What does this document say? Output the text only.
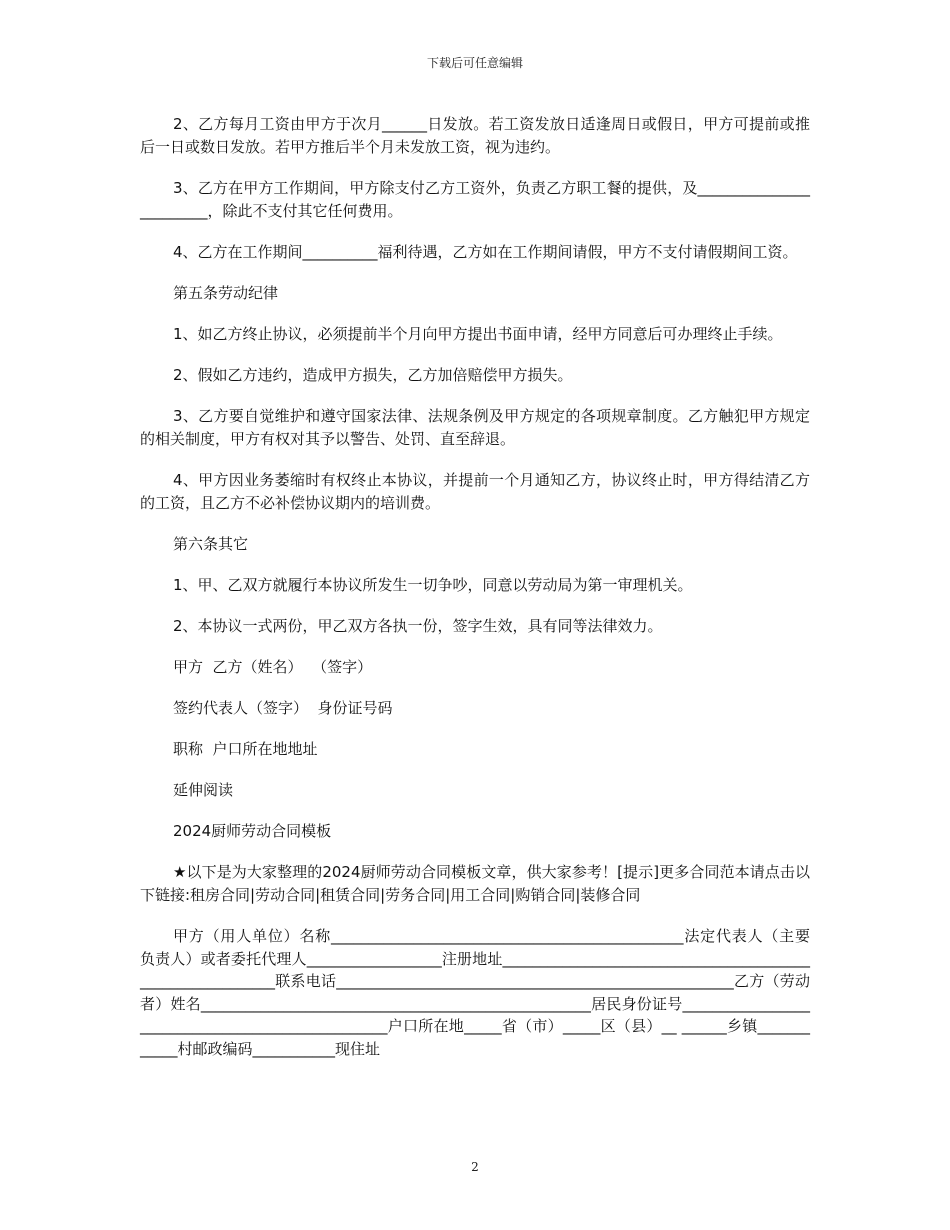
下载后可任意编辑

2、乙方每月工资由甲方于次月______日发放。若工资发放日适逢周日或假日，甲方可提前或推后一日或数日发放。若甲方推后半个月未发放工资，视为违约。

3、乙方在甲方工作期间，甲方除支付乙方工资外，负责乙方职工餐的提供，及________________________，除此不支付其它任何费用。

4、乙方在工作期间__________福利待遇，乙方如在工作期间请假，甲方不支付请假期间工资。

第五条劳动纪律

1、如乙方终止协议，必须提前半个月向甲方提出书面申请，经甲方同意后可办理终止手续。

2、假如乙方违约，造成甲方损失，乙方加倍赔偿甲方损失。

3、乙方要自觉维护和遵守国家法律、法规条例及甲方规定的各项规章制度。乙方触犯甲方规定的相关制度，甲方有权对其予以警告、处罚、直至辞退。

4、甲方因业务萎缩时有权终止本协议，并提前一个月通知乙方，协议终止时，甲方得结清乙方的工资，且乙方不必补偿协议期内的培训费。

第六条其它

1、甲、乙双方就履行本协议所发生一切争吵，同意以劳动局为第一审理机关。

2、本协议一式两份，甲乙双方各执一份，签字生效，具有同等法律效力。

甲方  乙方（姓名）  （签字）

签约代表人（签字）  身份证号码

职称  户口所在地地址

延伸阅读

2024厨师劳动合同模板

★以下是为大家整理的2024厨师劳动合同模板文章，供大家参考！[提示]更多合同范本请点击以下链接:租房合同|劳动合同|租赁合同|劳务合同|用工合同|购销合同|装修合同

甲方（用人单位）名称_______________________________________________法定代表人（主要负责人）或者委托代理人__________________注册地址___________________________________________________________联系电话_____________________________________________________乙方（劳动者）姓名____________________________________________________居民身份证号__________________________________________________户口所在地_____省（市）_____区（县）__ ______乡镇____________村邮政编码___________现住址

2
